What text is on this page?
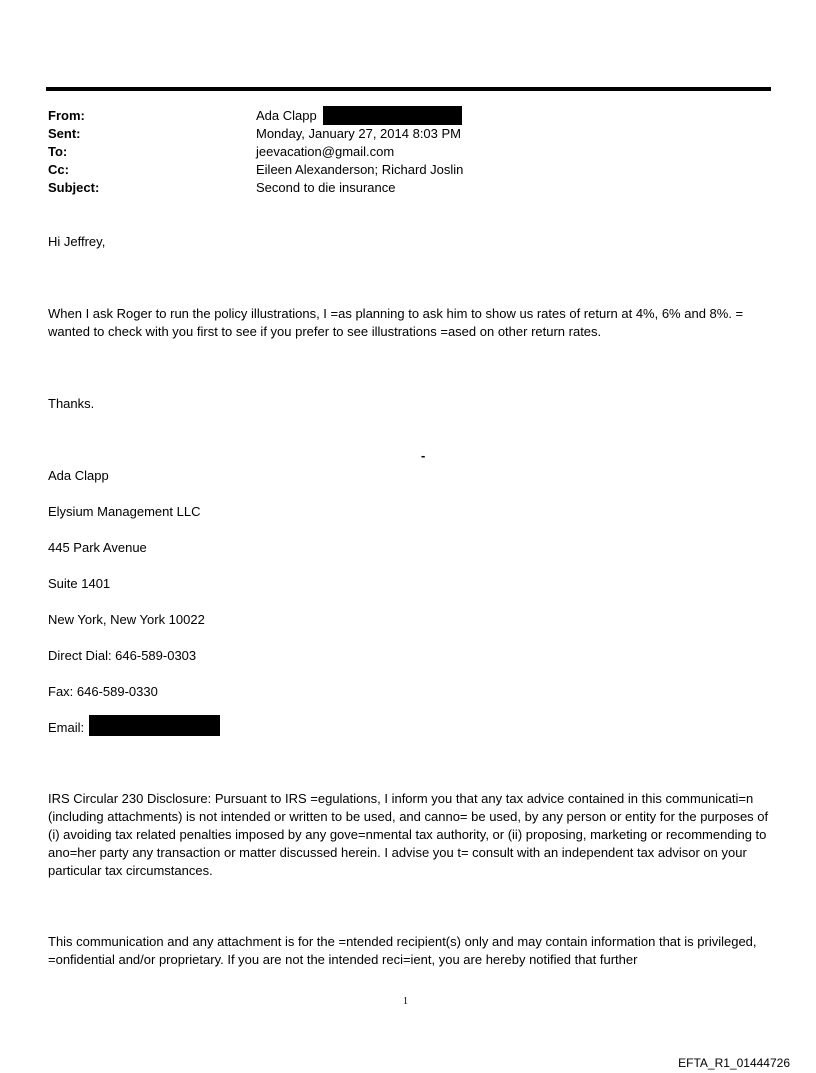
From:	Ada Clapp
Sent:	Monday, January 27, 2014 8:03 PM
To:	jeevacation@gmail.com
Cc:	Eileen Alexanderson; Richard Joslin
Subject:	Second to die insurance
Hi Jeffrey,
When I ask Roger to run the policy illustrations, I =as planning to ask him to show us rates of return at 4%, 6% and 8%. = wanted to check with you first to see if you prefer to see illustrations =ased on other return rates.
Thanks.
-
Ada Clapp
Elysium Management LLC
445 Park Avenue
Suite 1401
New York, New York 10022
Direct Dial: 646-589-0303
Fax: 646-589-0330
Email:
IRS Circular 230 Disclosure: Pursuant to IRS =egulations, I inform you that any tax advice contained in this communicati=n (including attachments) is not intended or written to be used, and canno= be used, by any person or entity for the purposes of (i) avoiding tax related penalties imposed by any gove=nmental tax authority, or (ii) proposing, marketing or recommending to ano=her party any transaction or matter discussed herein. I advise you t= consult with an independent tax advisor on your particular tax circumstances.
This communication and any attachment is for the =ntended recipient(s) only and may contain information that is privileged, =onfidential and/or proprietary. If you are not the intended reci=ient, you are hereby notified that further
1
EFTA_R1_01444726
